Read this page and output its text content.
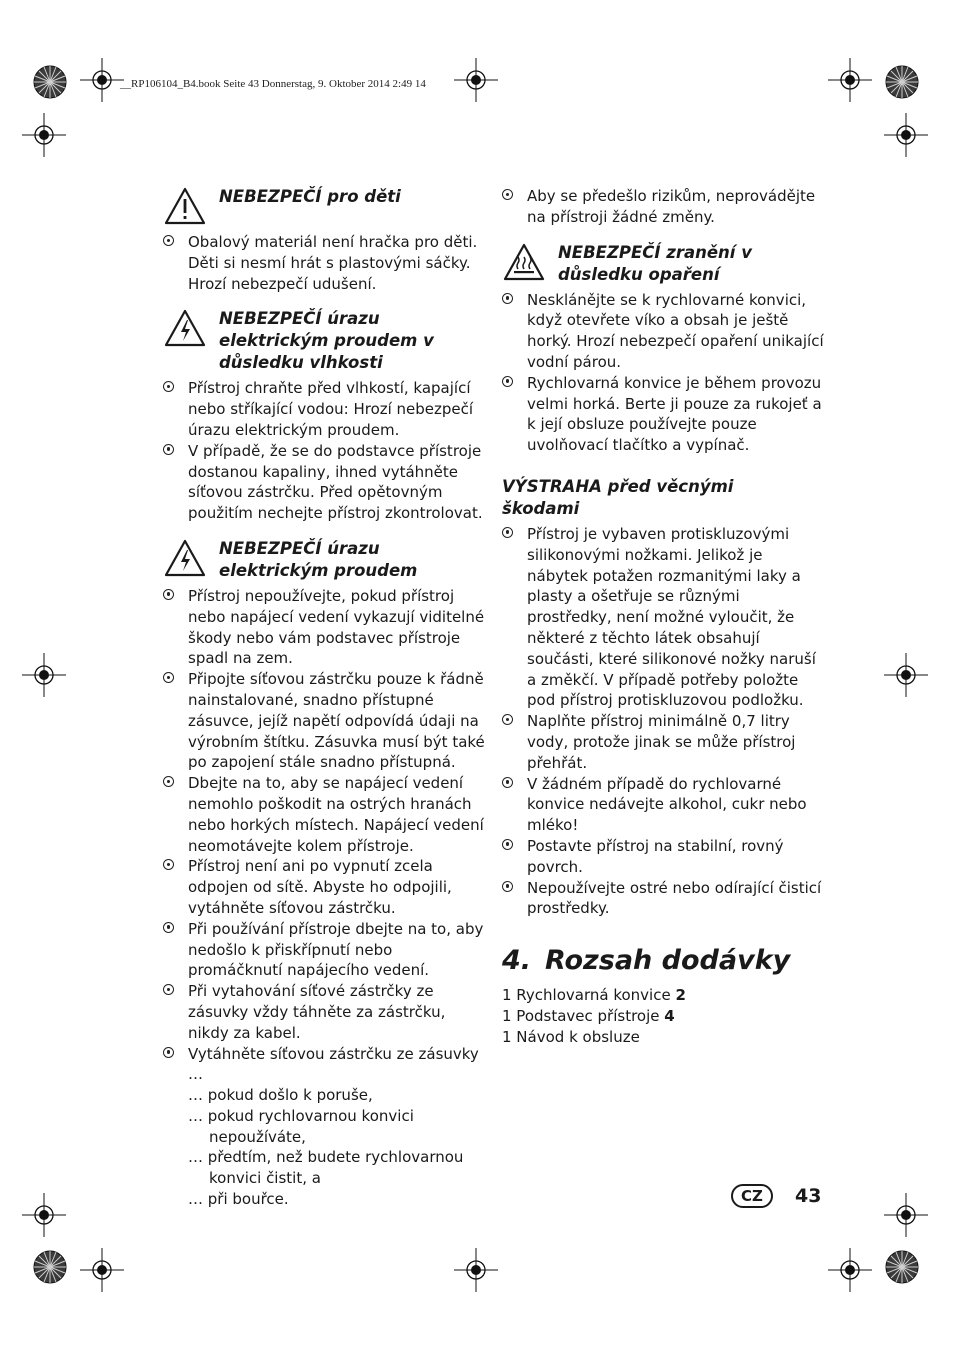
__RP106104_B4.book Seite 43 Donnerstag, 9. Oktober 2014 2:49 14

NEBEZPEČÍ pro děti

Obalový materiál není hračka pro děti. Děti si nesmí hrát s plastovými sáčky. Hrozí nebezpečí udušení.

NEBEZPEČÍ úrazu
elektrickým proudem v
důsledku vlhkosti

Přístroj chraňte před vlhkostí, kapající nebo stříkající vodou: Hrozí nebezpečí úrazu elektrickým proudem.
V případě, že se do podstavce přístroje dostanou kapaliny, ihned vytáhněte síťovou zástrčku. Před opětovným použitím nechejte přístroj zkontrolovat.

NEBEZPEČÍ úrazu
elektrickým proudem

Přístroj nepoužívejte, pokud přístroj nebo napájecí vedení vykazují viditelné škody nebo vám podstavec přístroje spadl na zem.
Připojte síťovou zástrčku pouze k řádně nainstalované, snadno přístupné zásuvce, jejíž napětí odpovídá údaji na výrobním štítku. Zásuvka musí být také po zapojení stále snadno přístupná.
Dbejte na to, aby se napájecí vedení nemohlo poškodit na ostrých hranách nebo horkých místech. Napájecí vedení neomotávejte kolem přístroje.
Přístroj není ani po vypnutí zcela odpojen od sítě. Abyste ho odpojili, vytáhněte síťovou zástrčku.
Při používání přístroje dbejte na to, aby nedošlo k přiskřípnutí nebo promáčknutí napájecího vedení.
Při vytahování síťové zástrčky ze zásuvky vždy táhněte za zástrčku, nikdy za kabel.
Vytáhněte síťovou zástrčku ze zásuvky …
… pokud došlo k poruše,
… pokud rychlovarnou konvici nepoužíváte,
… předtím, než budete rychlovarnou konvici čistit, a
… při bouřce.
Aby se předešlo rizikům, neprovádějte na přístroji žádné změny.

NEBEZPEČÍ zranění v
důsledku opaření

Nesklánějte se k rychlovarné konvici, když otevřete víko a obsah je ještě horký. Hrozí nebezpečí opaření unikající vodní párou.
Rychlovarná konvice je během provozu velmi horká. Berte ji pouze za rukojeť a k její obsluze používejte pouze uvolňovací tlačítko a vypínač.

VÝSTRAHA před věcnými
škodami

Přístroj je vybaven protiskluzovými silikonovými nožkami. Jelikož je nábytek potažen rozmanitými laky a plasty a ošetřuje se různými prostředky, není možné vyloučit, že některé z těchto látek obsahují součásti, které silikonové nožky naruší a změkčí. V případě potřeby položte pod přístroj protiskluzovou podložku.
Naplňte přístroj minimálně 0,7 litry vody, protože jinak se může přístroj přehřát.
V žádném případě do rychlovarné konvice nedávejte alkohol, cukr nebo mléko!
Postavte přístroj na stabilní, rovný povrch.
Nepoužívejte ostré nebo odírající čisticí prostředky.
4. Rozsah dodávky

1 Rychlovarná konvice 2

1 Podstavec přístroje 4

1 Návod k obsluze

CZ	43
